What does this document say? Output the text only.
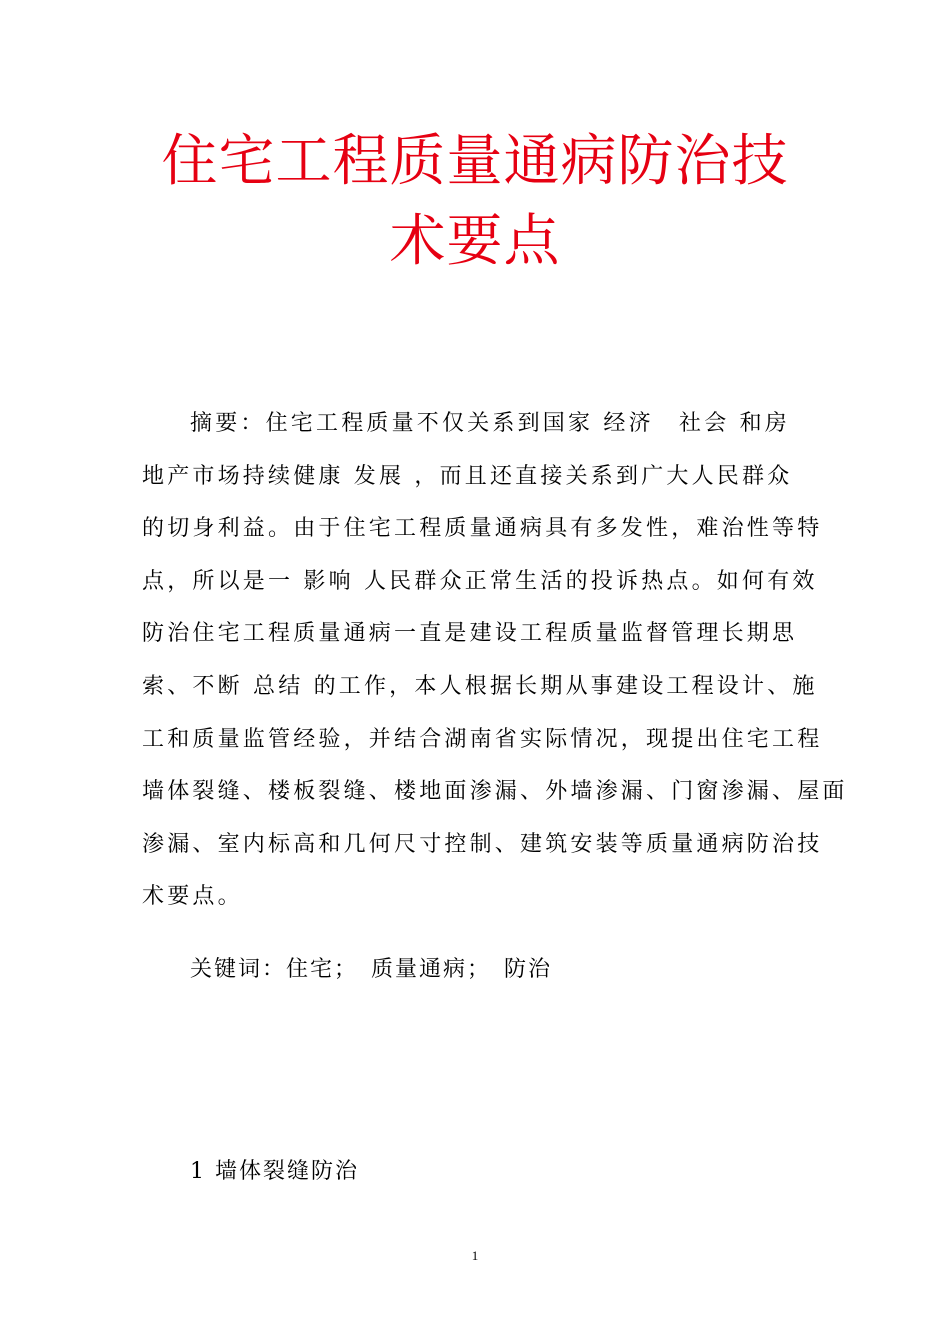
住宅工程质量通病防治技
术要点

摘要：住宅工程质量不仅关系到国家 经济　社会 和房
地产市场持续健康 发展 ，而且还直接关系到广大人民群众
的切身利益。由于住宅工程质量通病具有多发性，难治性等特
点，所以是一 影响 人民群众正常生活的投诉热点。如何有效
防治住宅工程质量通病一直是建设工程质量监督管理长期思
索、不断 总结 的工作，本人根据长期从事建设工程设计、施
工和质量监管经验，并结合湖南省实际情况，现提出住宅工程
墙体裂缝、楼板裂缝、楼地面渗漏、外墙渗漏、门窗渗漏、屋面
渗漏、室内标高和几何尺寸控制、建筑安装等质量通病防治技
术要点。

关键词：住宅；　质量通病；　防治

1 墙体裂缝防治

1
